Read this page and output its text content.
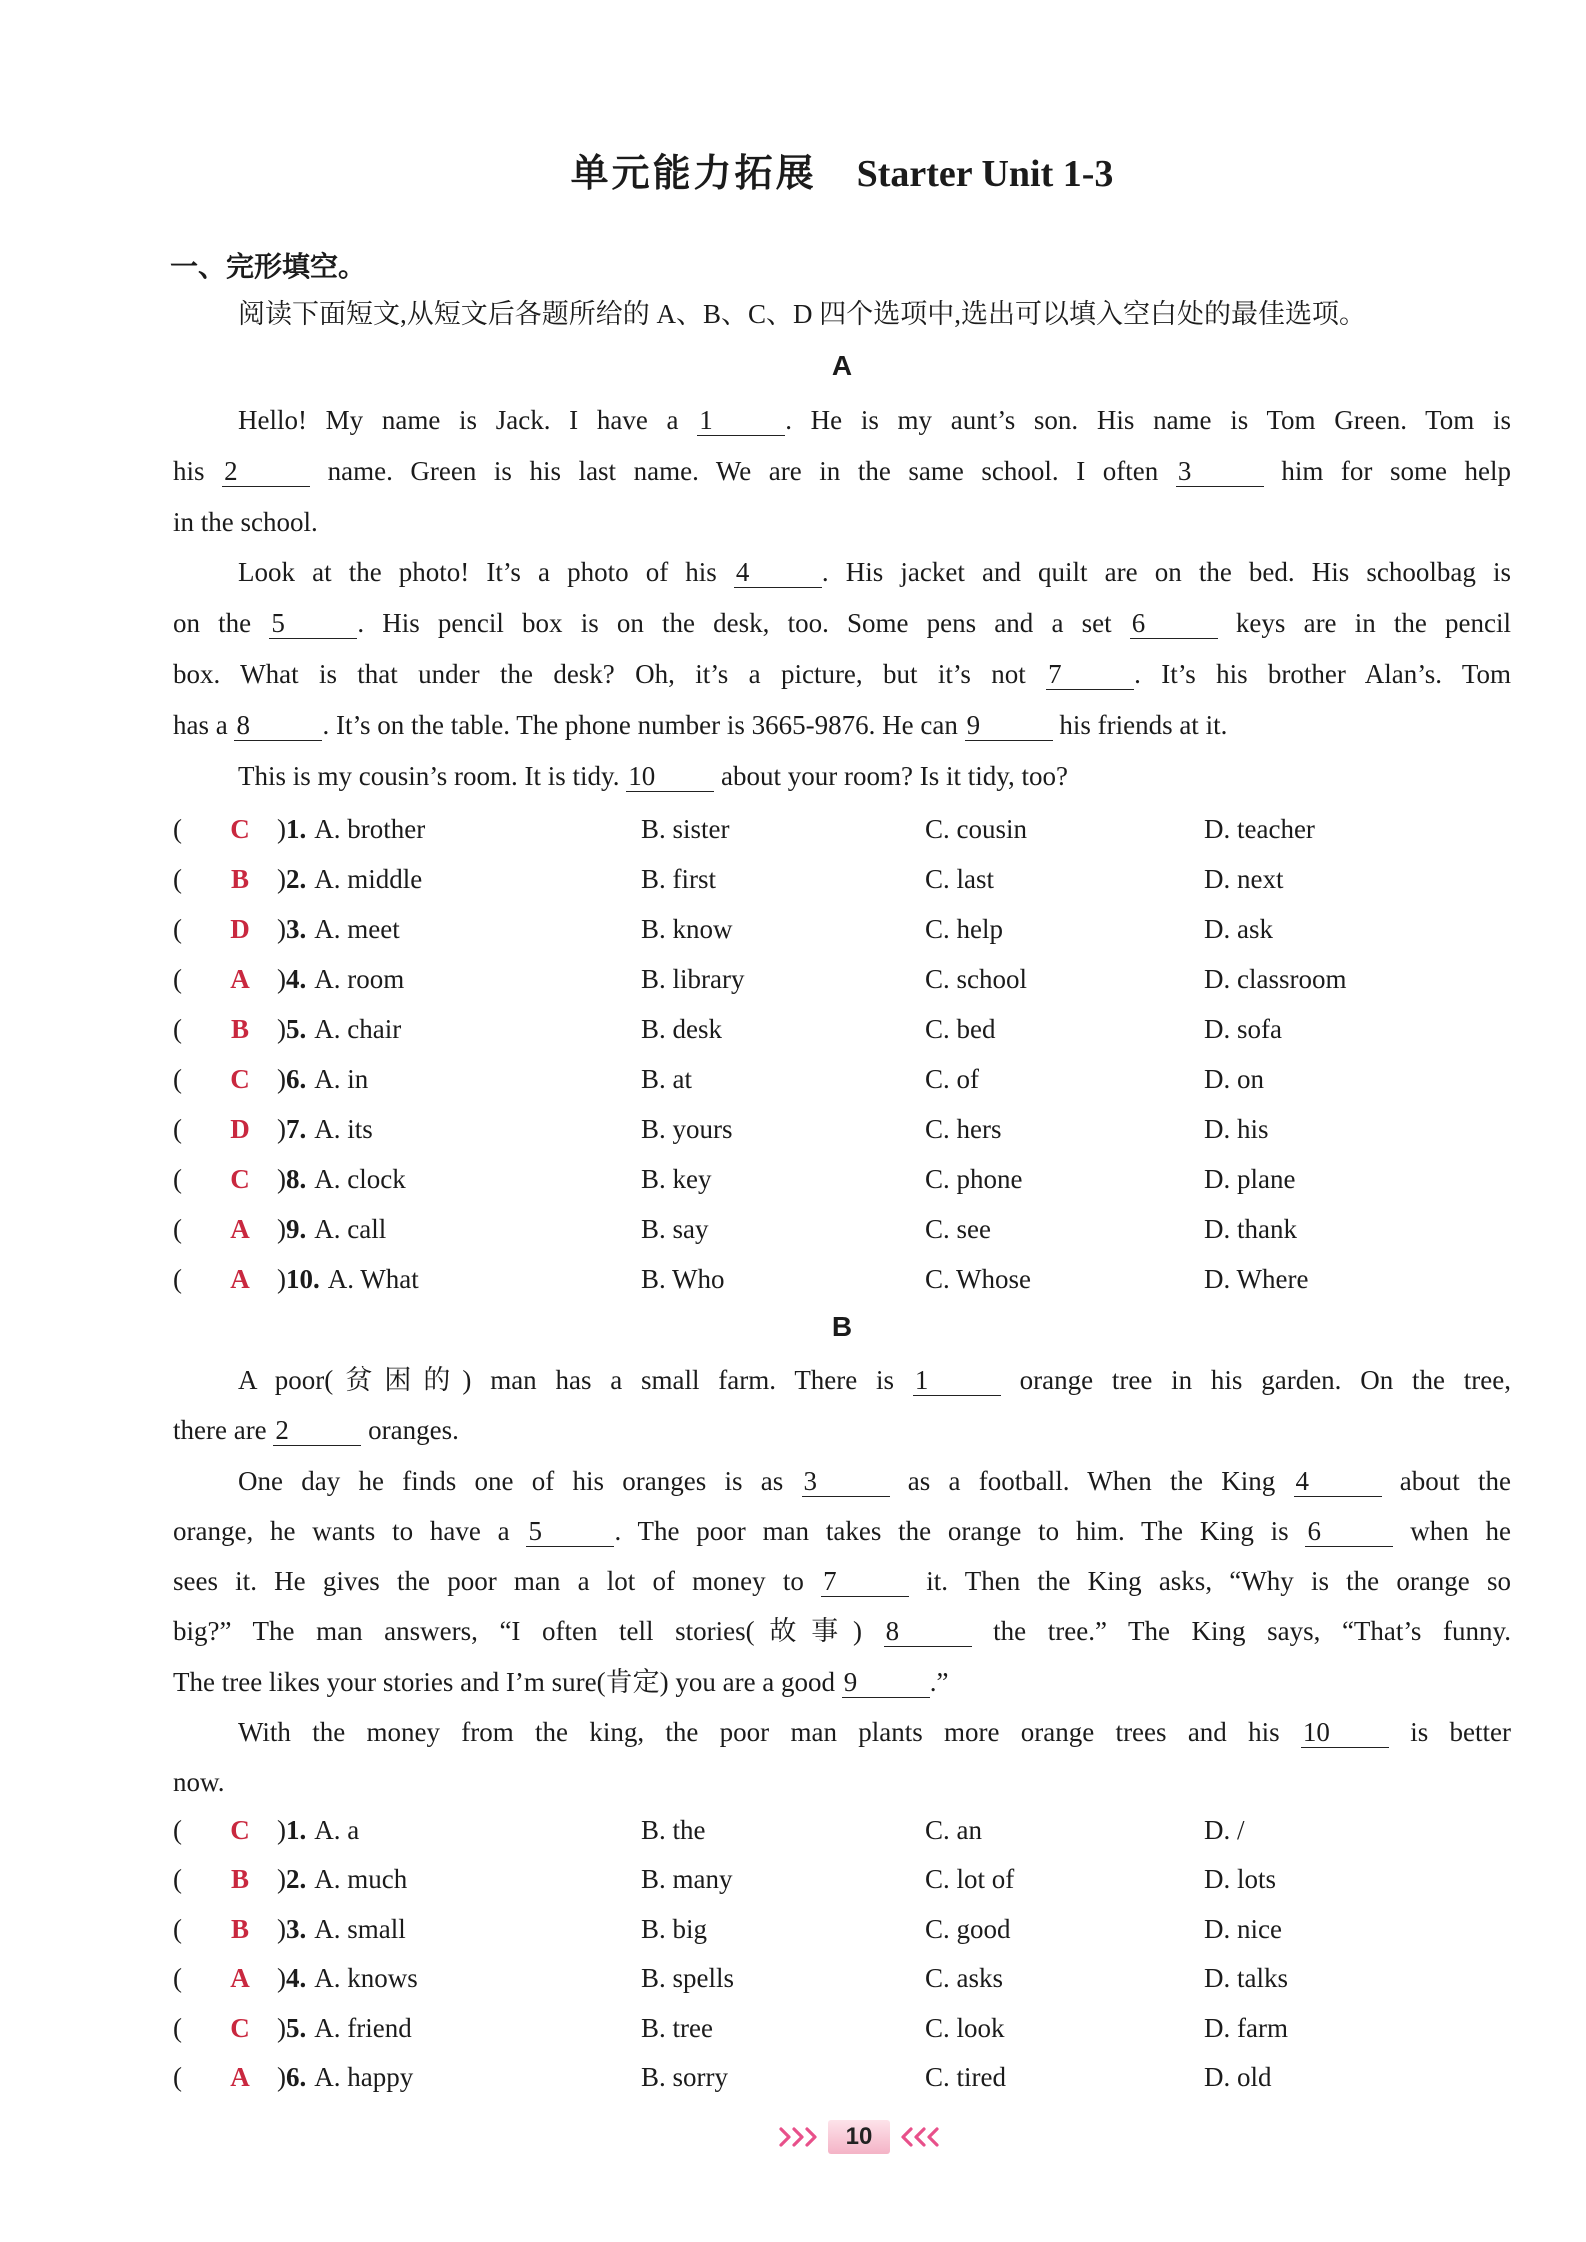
单元能力拓展 Starter Unit 1-3
一、完形填空。
阅读下面短文,从短文后各题所给的 A、B、C、D 四个选项中,选出可以填入空白处的最佳选项。
A
Hello! My name is Jack. I have a 1	. He is my aunt’s son. His name is Tom Green. Tom is
his 2	name. Green is his last name. We are in the same school. I often 3	him for some help
in the school.
Look at the photo! It’s a photo of his 4	. His jacket and quilt are on the bed. His schoolbag is
on the 5	. His pencil box is on the desk, too. Some pens and a set 6	keys are in the pencil
box. What is that under the desk? Oh, it’s a picture, but it’s not 7	. It’s his brother Alan’s. Tom
has a 8	. It’s on the table. The phone number is 3665-9876. He can 9	his friends at it.
This is my cousin’s room. It is tidy. 10 about your room? Is it tidy, too?
( C )1. A. brother	B. sister	C. cousin	D. teacher
( B )2. A. middle	B. first	C. last	D. next
( D )3. A. meet	B. know	C. help	D. ask
( A )4. A. room	B. library	C. school	D. classroom
( B )5. A. chair	B. desk	C. bed	D. sofa
( C )6. A. in	B. at	C. of	D. on
( D )7. A. its	B. yours	C. hers	D. his
( C )8. A. clock	B. key	C. phone	D. plane
( A )9. A. call	B. say	C. see	D. thank
( A )10. A. What	B. Who	C. Whose	D. Where
B
A poor(贫困的) man has a small farm. There is 1	orange tree in his garden. On the tree,
there are 2	oranges.
One day he finds one of his oranges is as 3	as a football. When the King 4	about the
orange, he wants to have a 5	. The poor man takes the orange to him. The King is 6	when he
sees it. He gives the poor man a lot of money to 7	it. Then the King asks, “Why is the orange so
big?” The man answers, “I often tell stories(故事) 8	the tree.” The King says, “That’s funny.
The tree likes your stories and I’m sure(肯定) you are a good 9	.”
With the money from the king, the poor man plants more orange trees and his 10 is better
now.
( C )1. A. a	B. the	C. an	D. /
( B )2. A. much	B. many	C. lot of	D. lots
( B )3. A. small	B. big	C. good	D. nice
( A )4. A. knows	B. spells	C. asks	D. talks
( C )5. A. friend	B. tree	C. look	D. farm
( A )6. A. happy	B. sorry	C. tired	D. old
10
